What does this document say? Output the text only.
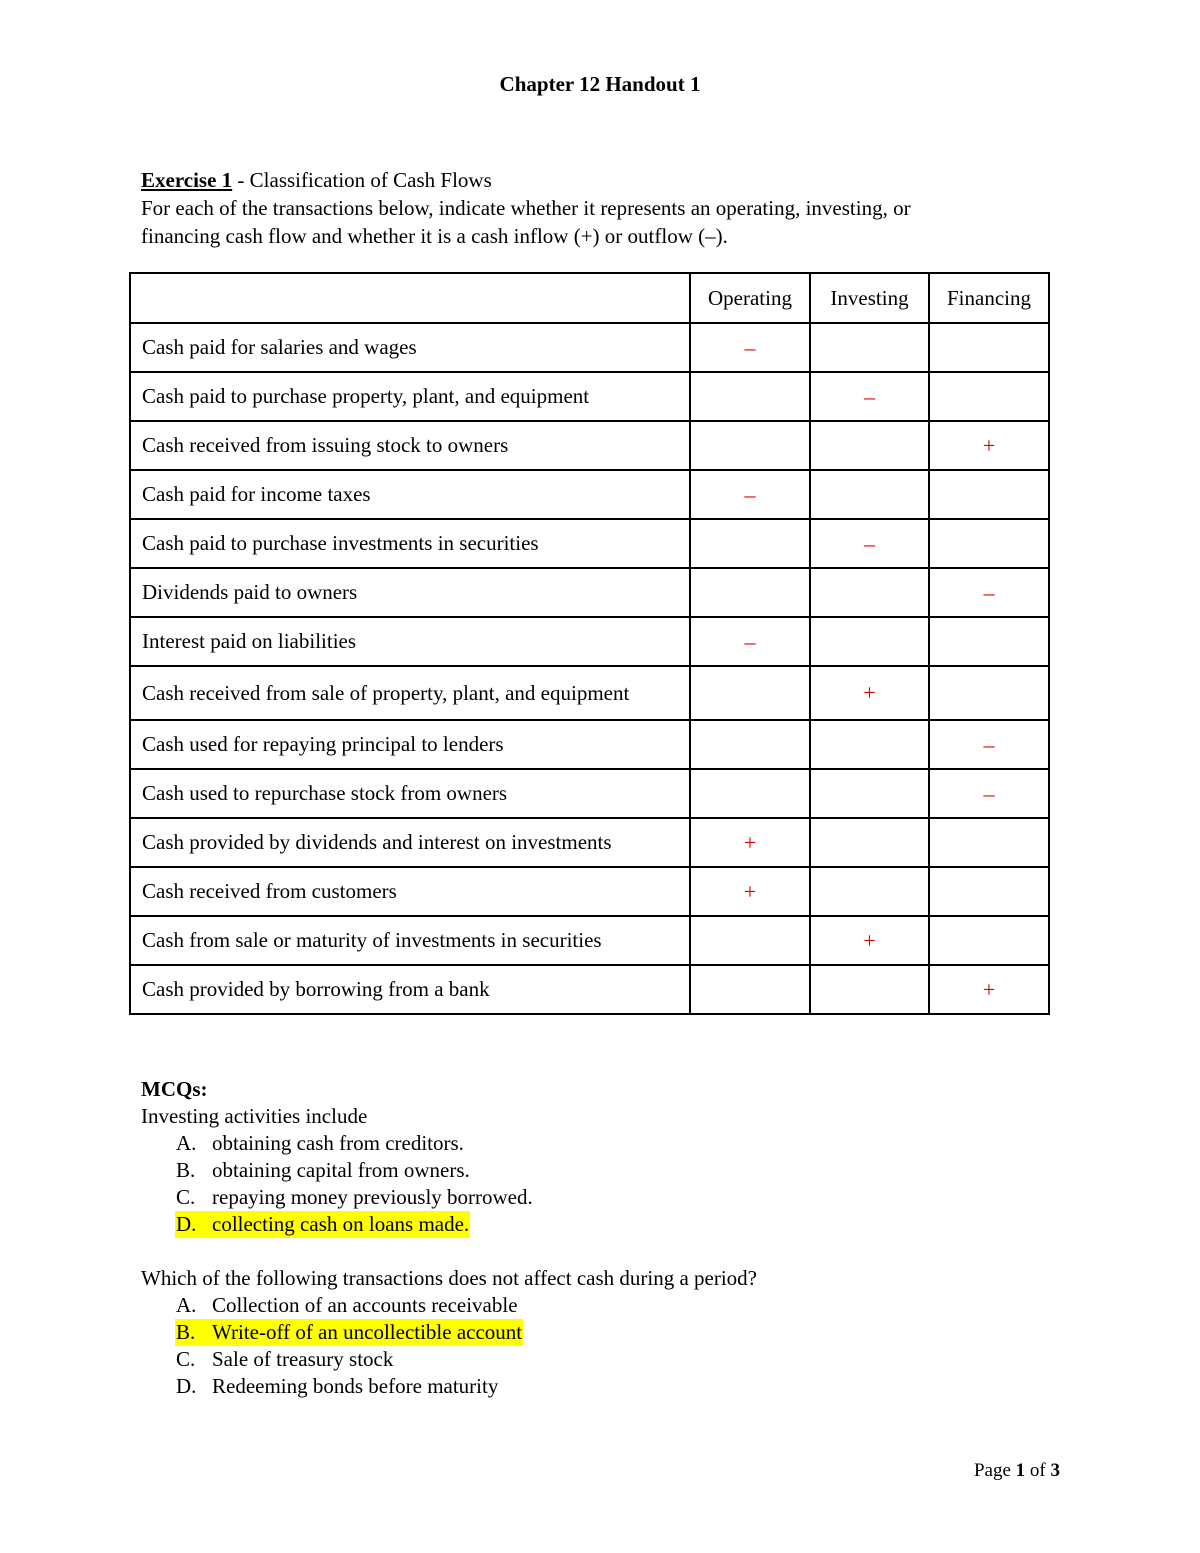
Chapter 12 Handout 1
Exercise 1 - Classification of Cash Flows
For each of the transactions below, indicate whether it represents an operating, investing, or
financing cash flow and whether it is a cash inflow (+) or outflow (–).
	Operating	Investing	Financing
Cash paid for salaries and wages	–		
Cash paid to purchase property, plant, and equipment		–	
Cash received from issuing stock to owners			+
Cash paid for income taxes	–		
Cash paid to purchase investments in securities		–	
Dividends paid to owners			–
Interest paid on liabilities	–		
Cash received from sale of property, plant, and equipment		+	
Cash used for repaying principal to lenders			–
Cash used to repurchase stock from owners			–
Cash provided by dividends and interest on investments	+		
Cash received from customers	+		
Cash from sale or maturity of investments in securities		+	
Cash provided by borrowing from a bank			+
MCQs:
Investing activities include
A. obtaining cash from creditors.
B. obtaining capital from owners.
C. repaying money previously borrowed.
D. collecting cash on loans made.
Which of the following transactions does not affect cash during a period?
A. Collection of an accounts receivable
B. Write-off of an uncollectible account
C. Sale of treasury stock
D. Redeeming bonds before maturity
Page 1 of 3
